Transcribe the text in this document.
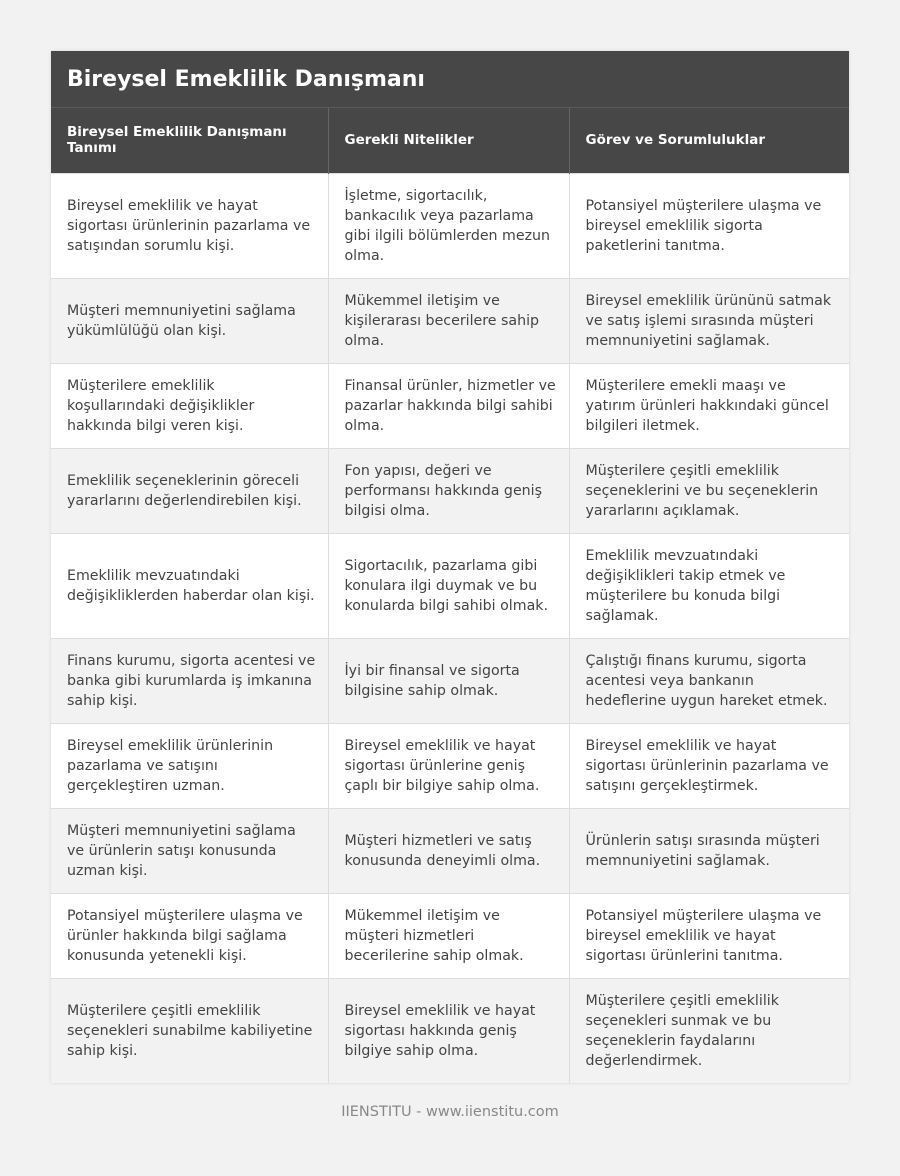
Bireysel Emeklilik Danışmanı
Bireysel Emeklilik Danışmanı Tanımı	Gerekli Nitelikler	Görev ve Sorumluluklar
Bireysel emeklilik ve hayat sigortası ürünlerinin pazarlama ve satışından sorumlu kişi.	İşletme, sigortacılık, bankacılık veya pazarlama gibi ilgili bölümlerden mezun olma.	Potansiyel müşterilere ulaşma ve bireysel emeklilik sigorta paketlerini tanıtma.
Müşteri memnuniyetini sağlama yükümlülüğü olan kişi.	Mükemmel iletişim ve kişilerarası becerilere sahip olma.	Bireysel emeklilik ürününü satmak ve satış işlemi sırasında müşteri memnuniyetini sağlamak.
Müşterilere emeklilik koşullarındaki değişiklikler hakkında bilgi veren kişi.	Finansal ürünler, hizmetler ve pazarlar hakkında bilgi sahibi olma.	Müşterilere emekli maaşı ve yatırım ürünleri hakkındaki güncel bilgileri iletmek.
Emeklilik seçeneklerinin göreceli yararlarını değerlendirebilen kişi.	Fon yapısı, değeri ve performansı hakkında geniş bilgisi olma.	Müşterilere çeşitli emeklilik seçeneklerini ve bu seçeneklerin yararlarını açıklamak.
Emeklilik mevzuatındaki değişikliklerden haberdar olan kişi.	Sigortacılık, pazarlama gibi konulara ilgi duymak ve bu konularda bilgi sahibi olmak.	Emeklilik mevzuatındaki değişiklikleri takip etmek ve müşterilere bu konuda bilgi sağlamak.
Finans kurumu, sigorta acentesi ve banka gibi kurumlarda iş imkanına sahip kişi.	İyi bir finansal ve sigorta bilgisine sahip olmak.	Çalıştığı finans kurumu, sigorta acentesi veya bankanın hedeflerine uygun hareket etmek.
Bireysel emeklilik ürünlerinin pazarlama ve satışını gerçekleştiren uzman.	Bireysel emeklilik ve hayat sigortası ürünlerine geniş çaplı bir bilgiye sahip olma.	Bireysel emeklilik ve hayat sigortası ürünlerinin pazarlama ve satışını gerçekleştirmek.
Müşteri memnuniyetini sağlama ve ürünlerin satışı konusunda uzman kişi.	Müşteri hizmetleri ve satış konusunda deneyimli olma.	Ürünlerin satışı sırasında müşteri memnuniyetini sağlamak.
Potansiyel müşterilere ulaşma ve ürünler hakkında bilgi sağlama konusunda yetenekli kişi.	Mükemmel iletişim ve müşteri hizmetleri becerilerine sahip olmak.	Potansiyel müşterilere ulaşma ve bireysel emeklilik ve hayat sigortası ürünlerini tanıtma.
Müşterilere çeşitli emeklilik seçenekleri sunabilme kabiliyetine sahip kişi.	Bireysel emeklilik ve hayat sigortası hakkında geniş bilgiye sahip olma.	Müşterilere çeşitli emeklilik seçenekleri sunmak ve bu seçeneklerin faydalarını değerlendirmek.
IIENSTITU - www.iienstitu.com
